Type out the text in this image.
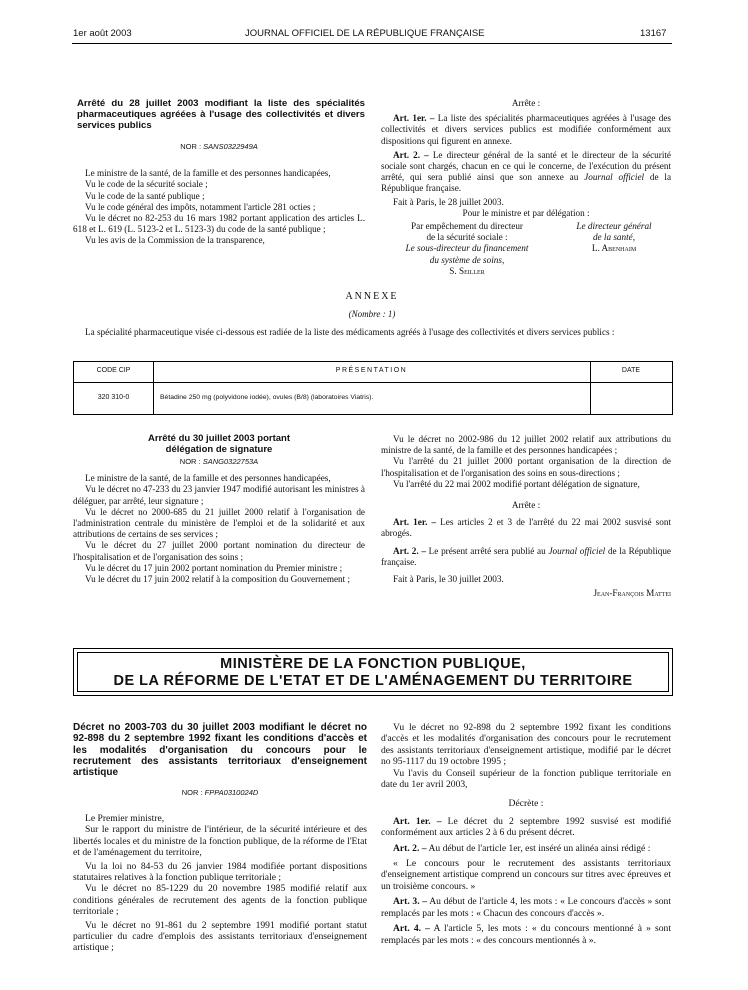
1er août 2003	JOURNAL OFFICIEL DE LA RÉPUBLIQUE FRANÇAISE	13167
Arrêté du 28 juillet 2003 modifiant la liste des spécialités pharmaceutiques agréées à l'usage des collectivités et divers services publics
NOR : SANS0322949A

Le ministre de la santé, de la famille et des personnes handicapées,

Vu le code de la sécurité sociale ;

Vu le code de la santé publique ;

Vu le code général des impôts, notamment l'article 281 octies ;

Vu le décret no 82-253 du 16 mars 1982 portant application des articles L. 618 et L. 619 (L. 5123-2 et L. 5123-3) du code de la santé publique ;

Vu les avis de la Commission de la transparence,

Arrête :

Art. 1er. – La liste des spécialités pharmaceutiques agréées à l'usage des collectivités et divers services publics est modifiée conformément aux dispositions qui figurent en annexe.

Art. 2. – Le directeur général de la santé et le directeur de la sécurité sociale sont chargés, chacun en ce qui le concerne, de l'exécution du présent arrêté, qui sera publié ainsi que son annexe au Journal officiel de la République française.

Fait à Paris, le 28 juillet 2003.

Pour le ministre et par délégation :

Par empêchement du directeur
de la sécurité sociale :
Le sous-directeur du financement
du système de soins,
S. Seiller
Le directeur général
de la santé,
L. Abenhaim
ANNEXE
(Nombre : 1)

La spécialité pharmaceutique visée ci-dessous est radiée de la liste des médicaments agréés à l'usage des collectivités et divers services publics :

CODE CIP	PRÉSENTATION	DATE
320 310-0	Bétadine 250 mg (polyvidone iodée), ovules (B/8) (laboratoires Viatris).
Arrêté du 30 juillet 2003 portant délégation de signature
NOR : SANG0322753A

Le ministre de la santé, de la famille et des personnes handicapées,

Vu le décret no 47-233 du 23 janvier 1947 modifié autorisant les ministres à déléguer, par arrêté, leur signature ;

Vu le décret no 2000-685 du 21 juillet 2000 relatif à l'organisation de l'administration centrale du ministère de l'emploi et de la solidarité et aux attributions de certains de ses services ;

Vu le décret du 27 juillet 2000 portant nomination du directeur de l'hospitalisation et de l'organisation des soins ;

Vu le décret du 17 juin 2002 portant nomination du Premier ministre ;

Vu le décret du 17 juin 2002 relatif à la composition du Gouvernement ;

Vu le décret no 2002-986 du 12 juillet 2002 relatif aux attributions du ministre de la santé, de la famille et des personnes handicapées ;

Vu l'arrêté du 21 juillet 2000 portant organisation de la direction de l'hospitalisation et de l'organisation des soins en sous-directions ;

Vu l'arrêté du 22 mai 2002 modifié portant délégation de signature,

Arrête :

Art. 1er. – Les articles 2 et 3 de l'arrêté du 22 mai 2002 susvisé sont abrogés.

Art. 2. – Le présent arrêté sera publié au Journal officiel de la République française.

Fait à Paris, le 30 juillet 2003.

Jean-François Mattei

MINISTÈRE DE LA FONCTION PUBLIQUE,
DE LA RÉFORME DE L'ETAT ET DE L'AMÉNAGEMENT DU TERRITOIRE
Décret no 2003-703 du 30 juillet 2003 modifiant le décret no 92-898 du 2 septembre 1992 fixant les conditions d'accès et les modalités d'organisation du concours pour le recrutement des assistants territoriaux d'enseignement artistique
NOR : FPPA0310024D

Le Premier ministre,

Sur le rapport du ministre de l'intérieur, de la sécurité intérieure et des libertés locales et du ministre de la fonction publique, de la réforme de l'Etat et de l'aménagement du territoire,

Vu la loi no 84-53 du 26 janvier 1984 modifiée portant dispositions statutaires relatives à la fonction publique territoriale ;

Vu le décret no 85-1229 du 20 novembre 1985 modifié relatif aux conditions générales de recrutement des agents de la fonction publique territoriale ;

Vu le décret no 91-861 du 2 septembre 1991 modifié portant statut particulier du cadre d'emplois des assistants territoriaux d'enseignement artistique ;

Vu le décret no 92-898 du 2 septembre 1992 fixant les conditions d'accès et les modalités d'organisation des concours pour le recrutement des assistants territoriaux d'enseignement artistique, modifié par le décret no 95-1117 du 19 octobre 1995 ;

Vu l'avis du Conseil supérieur de la fonction publique territoriale en date du 1er avril 2003,

Décrète :

Art. 1er. – Le décret du 2 septembre 1992 susvisé est modifié conformément aux articles 2 à 6 du présent décret.

Art. 2. – Au début de l'article 1er, est inséré un alinéa ainsi rédigé :

« Le concours pour le recrutement des assistants territoriaux d'enseignement artistique comprend un concours sur titres avec épreuves et un troisième concours. »

Art. 3. – Au début de l'article 4, les mots : « Le concours d'accès » sont remplacés par les mots : « Chacun des concours d'accès ».

Art. 4. – A l'article 5, les mots : « du concours mentionné à » sont remplacés par les mots : « des concours mentionnés à ».
